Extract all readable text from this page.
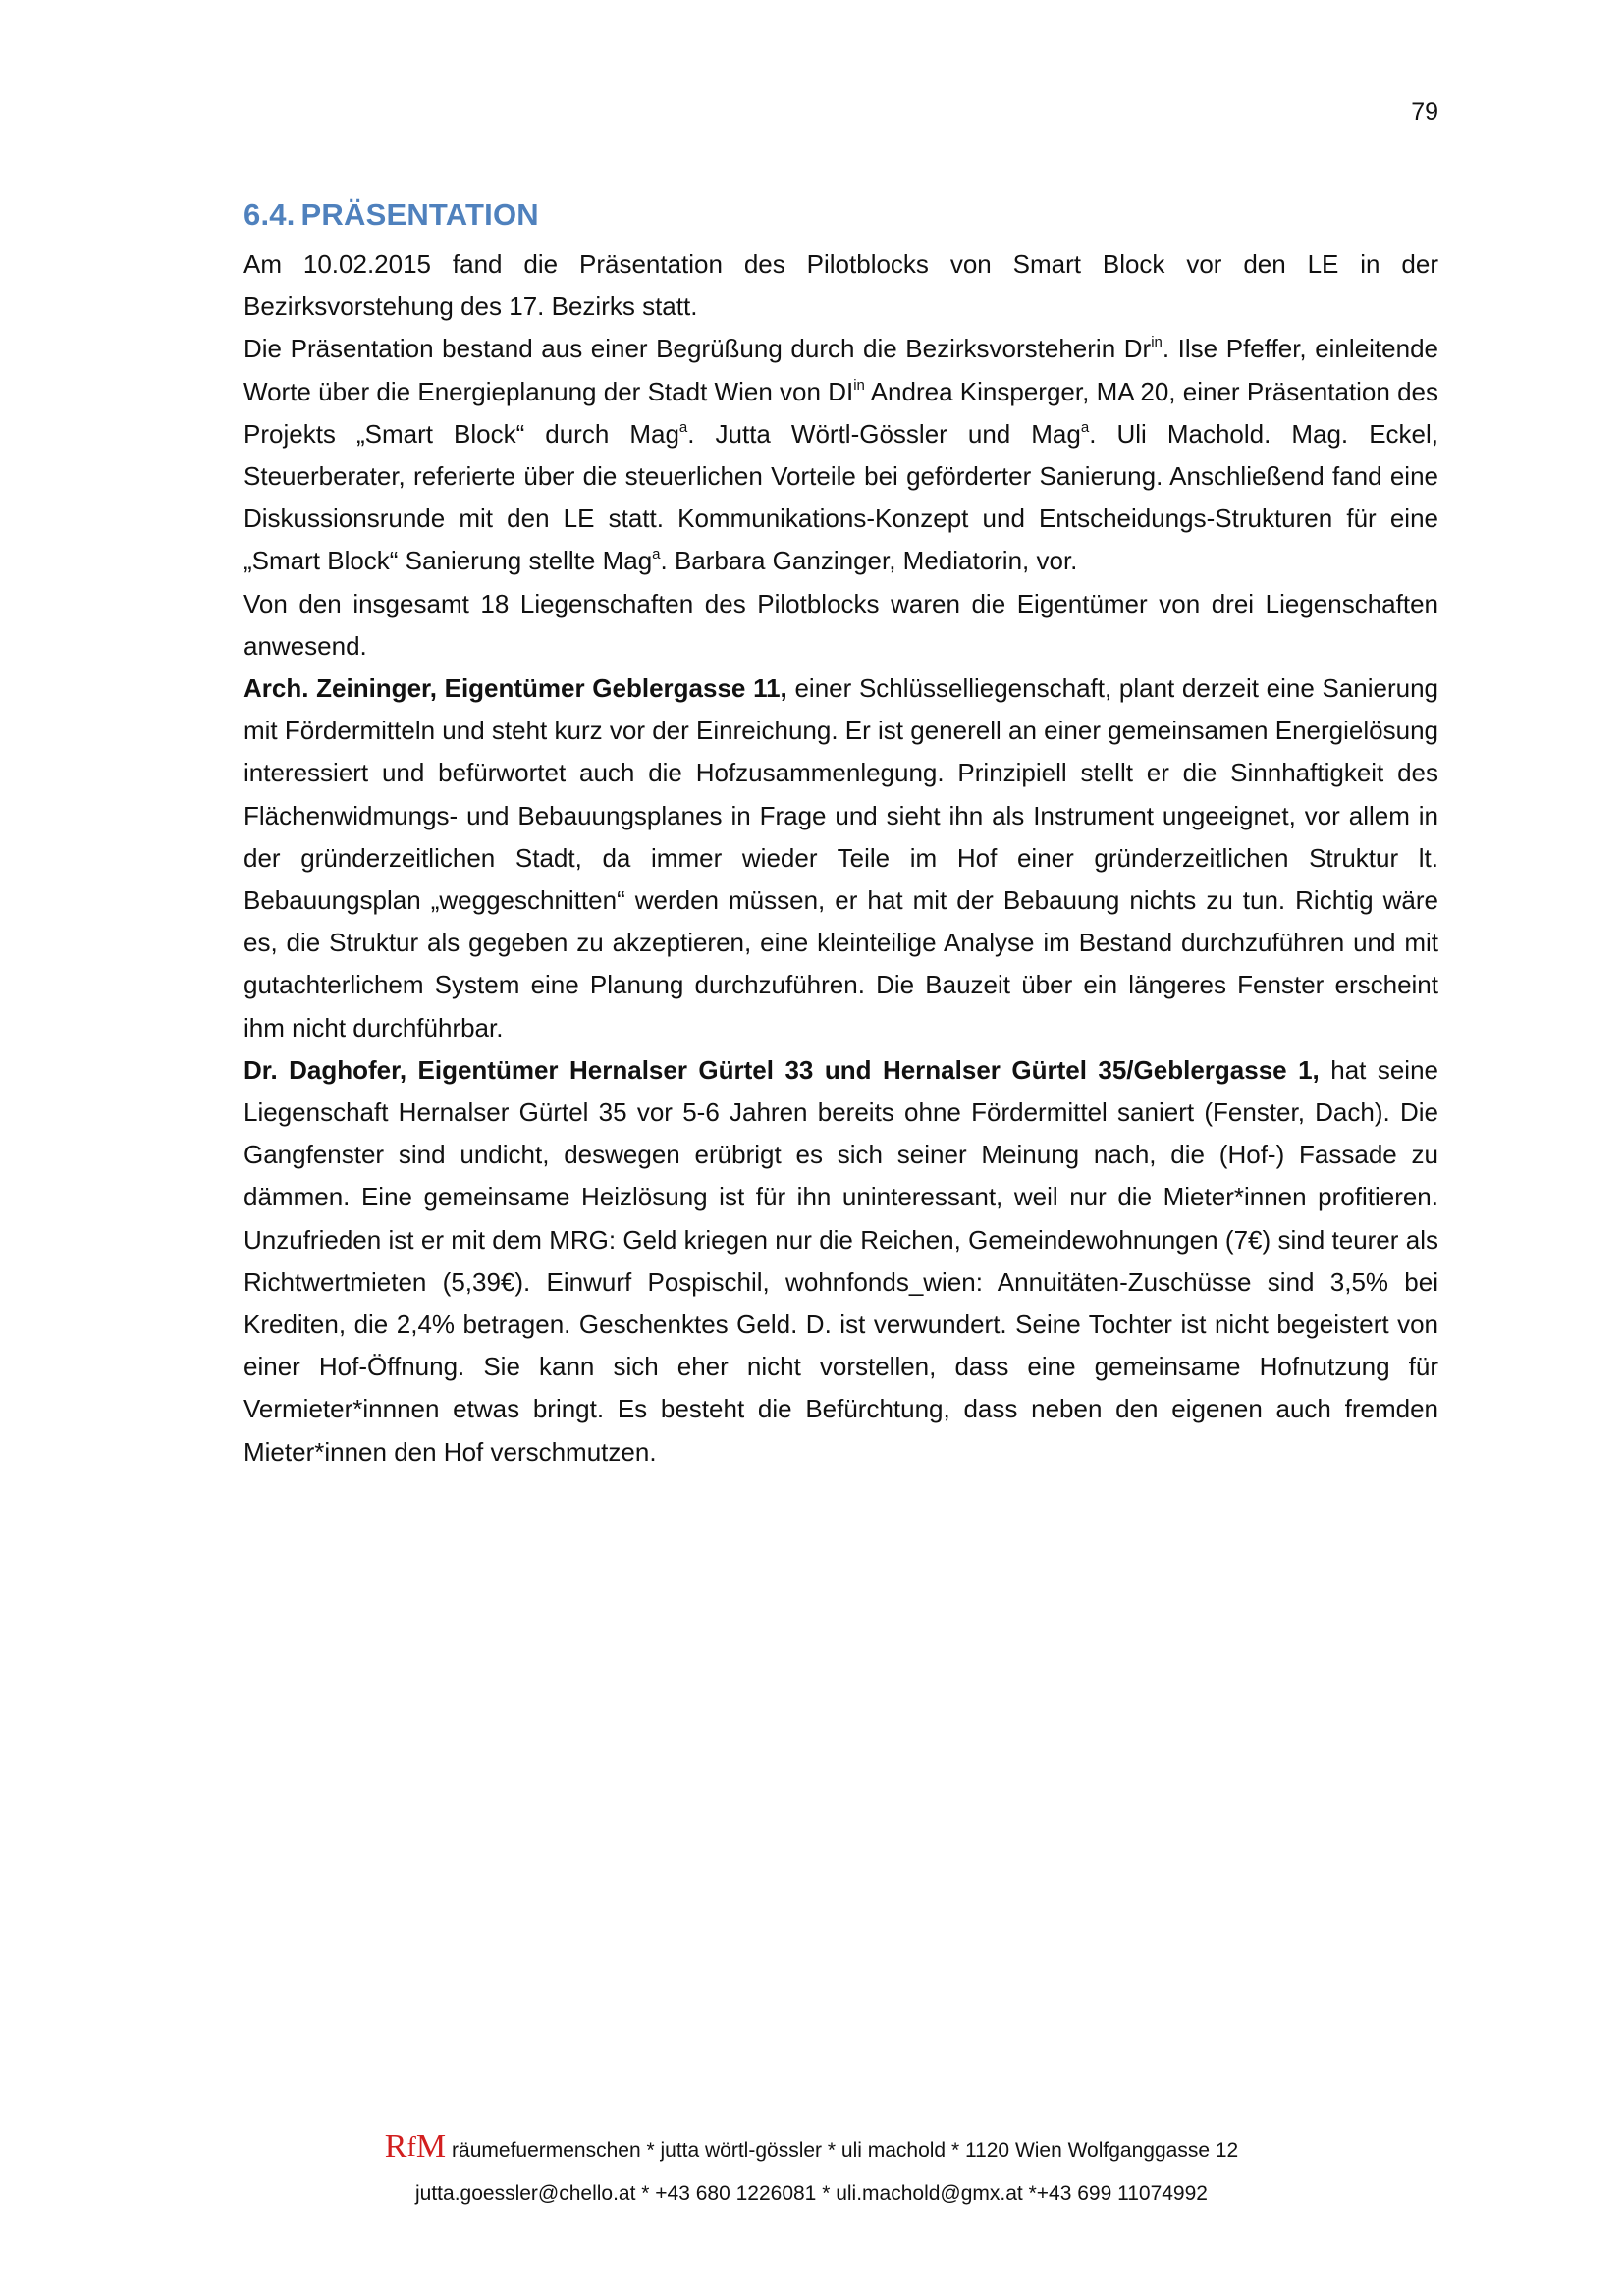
79
6.4. PRÄSENTATION

Am 10.02.2015 fand die Präsentation des Pilotblocks von Smart Block vor den LE in der Bezirksvorstehung des 17. Bezirks statt.

Die Präsentation bestand aus einer Begrüßung durch die Bezirksvorsteherin $Dr^{in}$. Ilse Pfeffer, einleitende Worte über die Energieplanung der Stadt Wien von $DI^{in}$ Andrea Kinsperger, MA 20, einer Präsentation des Projekts „Smart Block“ durch Mag$^a$. Jutta Wörtl-Gössler und Mag$^a$. Uli Machold. Mag. Eckel, Steuerberater, referierte über die steuerlichen Vorteile bei geförderter Sanierung. Anschließend fand eine Diskussionsrunde mit den LE statt. Kommunikations-Konzept und Entscheidungs-Strukturen für eine „Smart Block“ Sanierung stellte Mag$^a$. Barbara Ganzinger, Mediatorin, vor.

Von den insgesamt 18 Liegenschaften des Pilotblocks waren die Eigentümer von drei Liegenschaften anwesend.

Arch. Zeininger, Eigentümer Geblergasse 11, einer Schlüsselliegenschaft, plant derzeit eine Sanierung mit Fördermitteln und steht kurz vor der Einreichung. Er ist generell an einer gemeinsamen Energielösung interessiert und befürwortet auch die Hofzusammenlegung. Prinzipiell stellt er die Sinnhaftigkeit des Flächenwidmungs- und Bebauungsplanes in Frage und sieht ihn als Instrument ungeeignet, vor allem in der gründerzeitlichen Stadt, da immer wieder Teile im Hof einer gründerzeitlichen Struktur lt. Bebauungsplan „weggeschnitten“ werden müssen, er hat mit der Bebauung nichts zu tun. Richtig wäre es, die Struktur als gegeben zu akzeptieren, eine kleinteilige Analyse im Bestand durchzuführen und mit gutachterlichem System eine Planung durchzuführen. Die Bauzeit über ein längeres Fenster erscheint ihm nicht durchführbar.

Dr. Daghofer, Eigentümer Hernalser Gürtel 33 und Hernalser Gürtel 35/Geblergasse 1, hat seine Liegenschaft Hernalser Gürtel 35 vor 5-6 Jahren bereits ohne Fördermittel saniert (Fenster, Dach). Die Gangfenster sind undicht, deswegen erübrigt es sich seiner Meinung nach, die (Hof-) Fassade zu dämmen. Eine gemeinsame Heizlösung ist für ihn uninteressant, weil nur die Mieter*innen profitieren. Unzufrieden ist er mit dem MRG: Geld kriegen nur die Reichen, Gemeindewohnungen (7€) sind teurer als Richtwertmieten (5,39€). Einwurf Pospischil, wohnfonds_wien: Annuitäten-Zuschüsse sind 3,5% bei Krediten, die 2,4% betragen. Geschenktes Geld. D. ist verwundert. Seine Tochter ist nicht begeistert von einer Hof-Öffnung. Sie kann sich eher nicht vorstellen, dass eine gemeinsame Hofnutzung für Vermieter*innnen etwas bringt. Es besteht die Befürchtung, dass neben den eigenen auch fremden Mieter*innen den Hof verschmutzen.

RfM räumefuermenschen * jutta wörtl-gössler * uli machold * 1120 Wien Wolfganggasse 12
jutta.goessler@chello.at * +43 680 1226081 * uli.machold@gmx.at *+43 699 11074992
